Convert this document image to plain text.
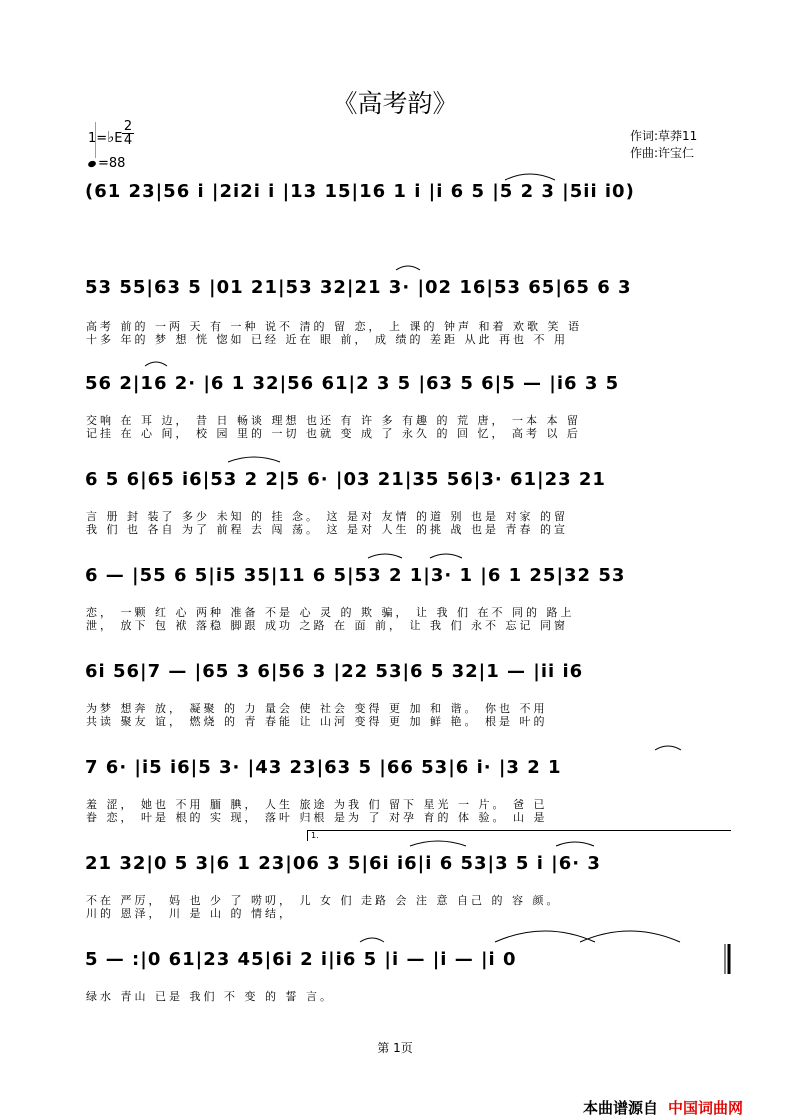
《高考韵》
1=♭E $\frac{2}{4}$
=88
作词:草莽11
作曲:许宝仁
(61 23|56 i |2i2i i |13 15|16 1 i |i 6 5 |5 2 3 |5ii i0)
53 55|63 5 |01 21|53 32|21 3· |02 16|53 65|65 6 3
高考 前的 一两 天 有 一种 说不 清的 留 恋， 上 课的 钟声 和着 欢歌 笑 语
十多 年的 梦 想 恍 惚如 已经 近在 眼 前， 成 绩的 差距 从此 再也 不 用
56 2|16 2· |6 1 32|56 61|2 3 5 |63 5 6|5 — |i6 3 5
交响 在 耳 边， 昔 日 畅谈 理想 也还 有 许 多 有趣 的 荒 唐， 一本 本 留
记挂 在 心 间， 校 园 里的 一切 也就 变 成 了 永久 的 回 忆， 高考 以 后
6 5 6|65 i6|53 2 2|5 6· |03 21|35 56|3· 61|23 21
言 册 封 装了 多少 未知 的 挂 念。 这 是对 友情 的道 别 也是 对家 的留
我 们 也 各自 为了 前程 去 闯 荡。 这 是对 人生 的挑 战 也是 青春 的宣
6 — |55 6 5|i5 35|11 6 5|53 2 1|3· 1 |6 1 25|32 53
恋， 一颗 红 心 两种 准备 不是 心 灵 的 欺 骗， 让 我 们 在不 同的 路上
泄， 放下 包 袱 落稳 脚跟 成功 之路 在 面 前， 让 我 们 永不 忘记 同窗
6i 56|7 — |65 3 6|56 3 |22 53|6 5 32|1 — |ii i6
为梦 想奔 放， 凝聚 的 力 量会 使 社会 变得 更 加 和 谐。 你也 不用
共读 聚友 谊， 燃烧 的 青 春能 让 山河 变得 更 加 鲜 艳。 根是 叶的
7 6· |i5 i6|5 3· |43 23|63 5 |66 53|6 i· |3 2 1
羞 涩， 她也 不用 腼 腆， 人生 旅途 为我 们 留下 星光 一 片。 爸 已
眷 恋， 叶是 根的 实 现， 落叶 归根 是为 了 对孕 育的 体 验。 山 是
1.
21 32|0 5 3|6 1 23|06 3 5|6i i6|i 6 53|3 5 i |6· 3
不在 严厉， 妈 也 少 了 唠叨， 儿 女 们 走路 会 注 意 自己 的 容 颜。
川的 恩泽， 川 是 山 的 情结，
5 — :|0 61|23 45|6i 2 i|i6 5 |i — |i — |i 0
绿水 青山 已是 我们 不 变 的 誓 言。
第 1页
本曲谱源自 中国词曲网
